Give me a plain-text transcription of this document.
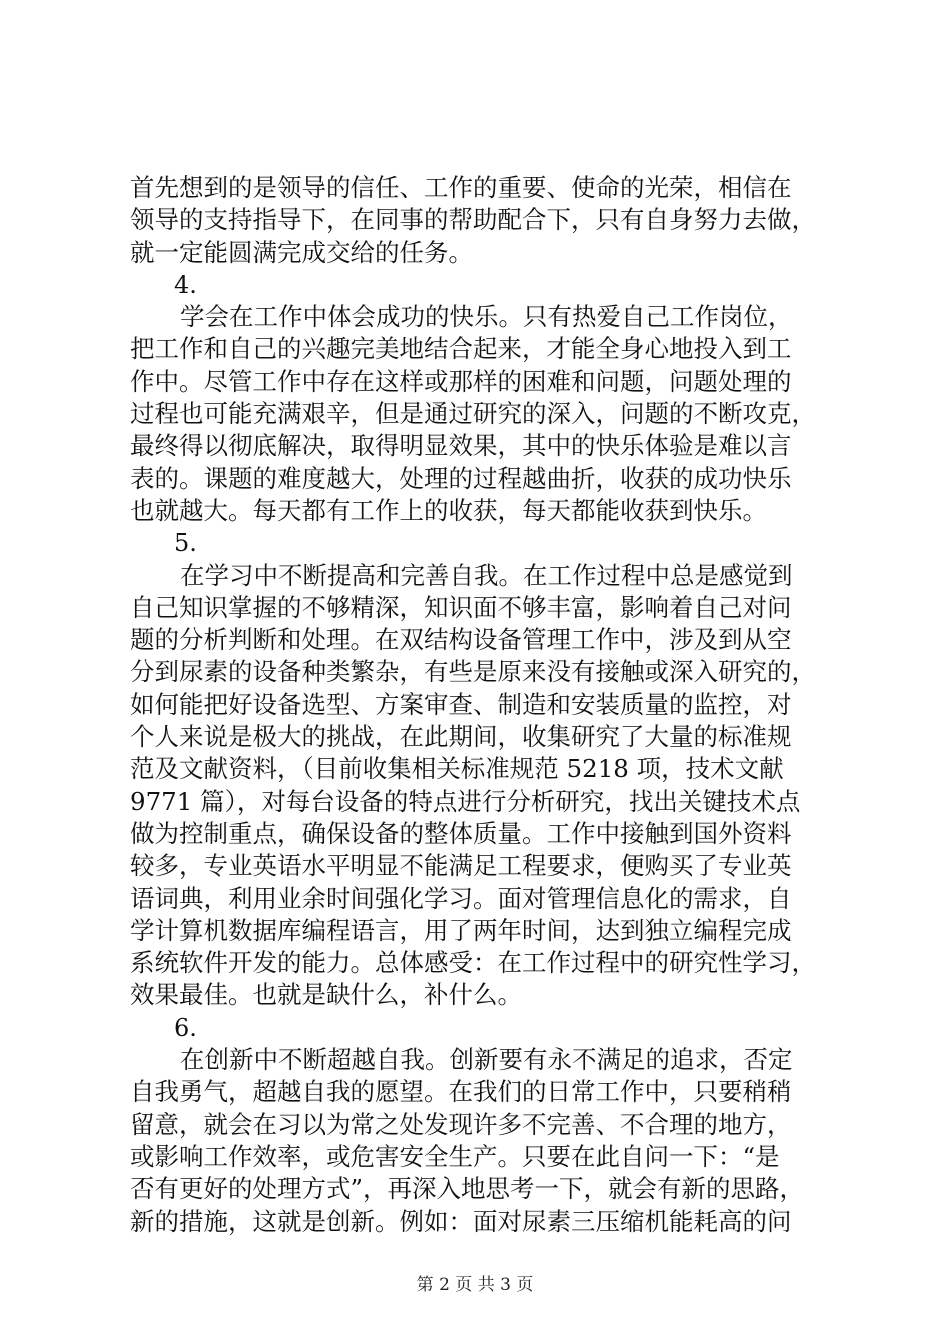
首先想到的是领导的信任、工作的重要、使命的光荣，相信在
领导的支持指导下，在同事的帮助配合下，只有自身努力去做，
就一定能圆满完成交给的任务。
4.
学会在工作中体会成功的快乐。只有热爱自己工作岗位，
把工作和自己的兴趣完美地结合起来，才能全身心地投入到工
作中。尽管工作中存在这样或那样的困难和问题，问题处理的
过程也可能充满艰辛，但是通过研究的深入，问题的不断攻克，
最终得以彻底解决，取得明显效果，其中的快乐体验是难以言
表的。课题的难度越大，处理的过程越曲折，收获的成功快乐
也就越大。每天都有工作上的收获，每天都能收获到快乐。
5.
在学习中不断提高和完善自我。在工作过程中总是感觉到
自己知识掌握的不够精深，知识面不够丰富，影响着自己对问
题的分析判断和处理。在双结构设备管理工作中，涉及到从空
分到尿素的设备种类繁杂，有些是原来没有接触或深入研究的，
如何能把好设备选型、方案审查、制造和安装质量的监控，对
个人来说是极大的挑战，在此期间，收集研究了大量的标准规
范及文献资料，（目前收集相关标准规范 5218 项，技术文献
9771 篇），对每台设备的特点进行分析研究，找出关键技术点
做为控制重点，确保设备的整体质量。工作中接触到国外资料
较多，专业英语水平明显不能满足工程要求，便购买了专业英
语词典，利用业余时间强化学习。面对管理信息化的需求，自
学计算机数据库编程语言，用了两年时间，达到独立编程完成
系统软件开发的能力。总体感受：在工作过程中的研究性学习，
效果最佳。也就是缺什么，补什么。
6.
在创新中不断超越自我。创新要有永不满足的追求，否定
自我勇气，超越自我的愿望。在我们的日常工作中，只要稍稍
留意，就会在习以为常之处发现许多不完善、不合理的地方，
或影响工作效率，或危害安全生产。只要在此自问一下：“是
否有更好的处理方式”，再深入地思考一下，就会有新的思路，
新的措施，这就是创新。例如：面对尿素三压缩机能耗高的问
第 2 页 共 3 页
